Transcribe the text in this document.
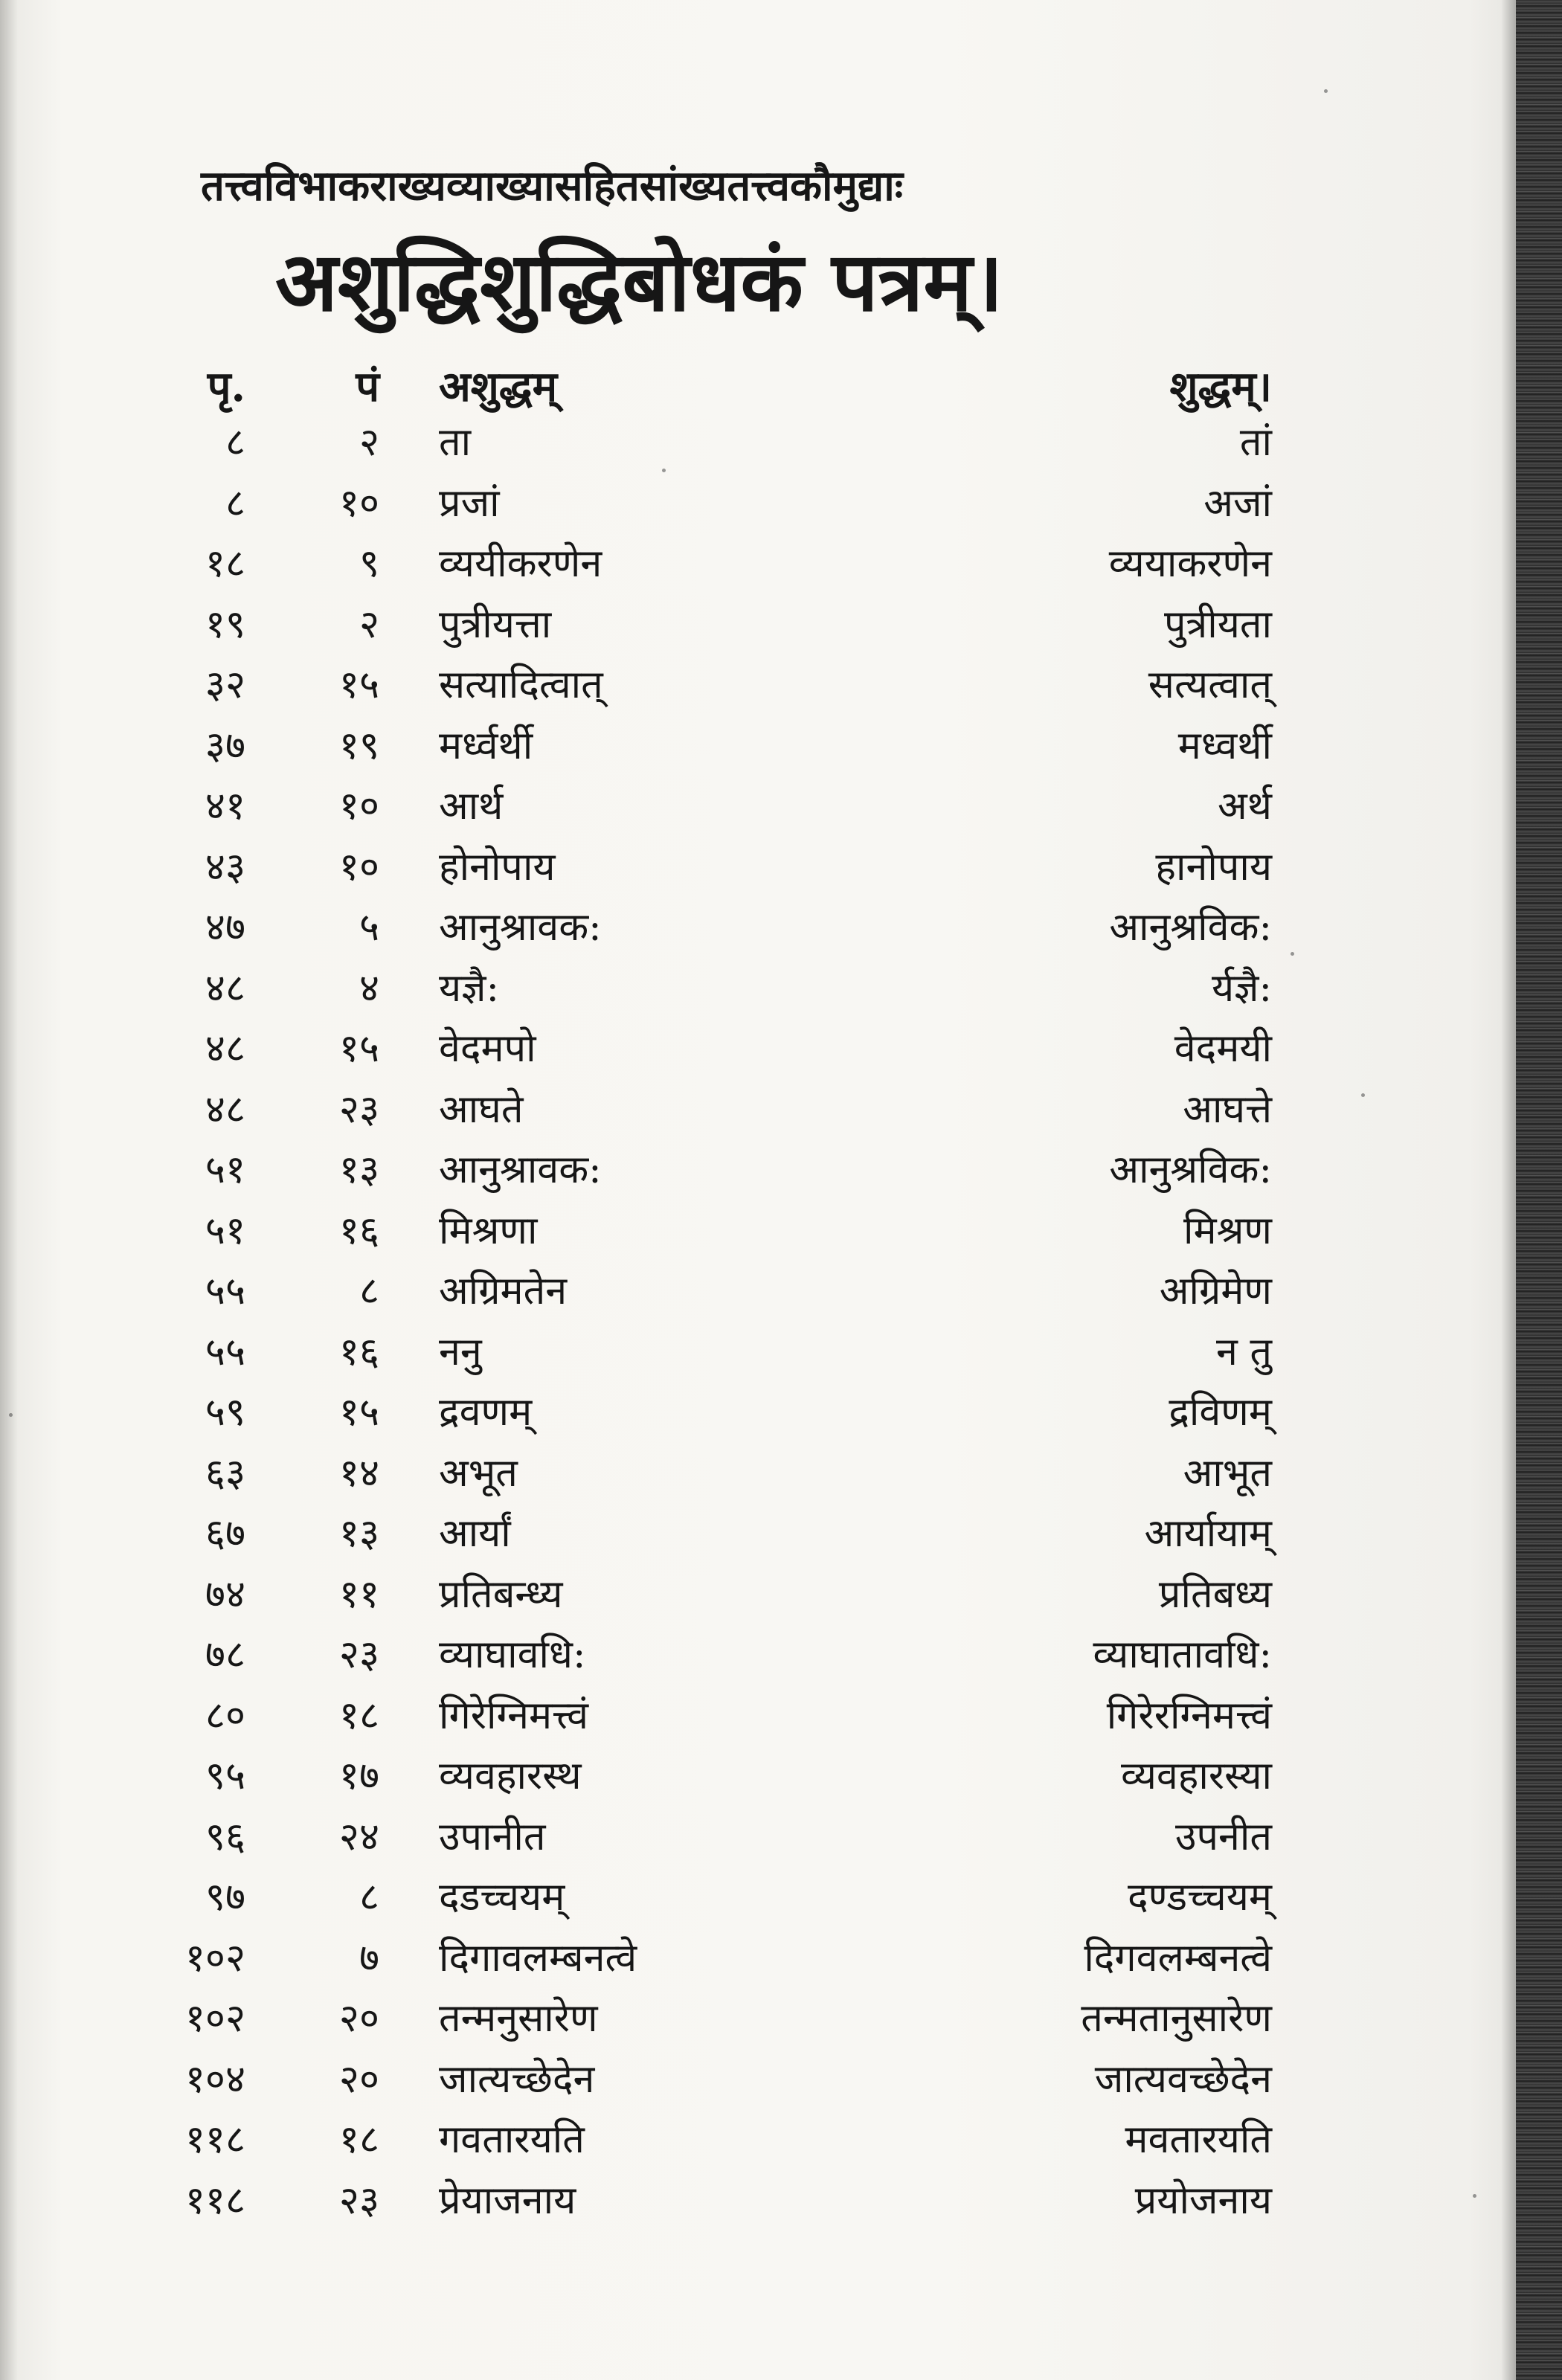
तत्त्वविभाकराख्यव्याख्यासहितसांख्यतत्त्वकौमुद्याः
अशुद्धिशुद्धिबोधकं पत्रम्।
पृ.	पं अशुद्धम्	शुद्धम्।
८	२ ता	तां
८	१० प्रजां	अजां
१८	९ व्ययीकरणेन	व्ययाकरणेन
१९	२ पुत्रीयत्ता	पुत्रीयता
३२	१५ सत्यादित्वात्	सत्यत्वात्
३७	१९ मर्ध्वर्थी	मध्वर्थी
४१	१० आर्थ	अर्थ
४३	१० होनोपाय	हानोपाय
४७	५ आनुश्रावक:	आनुश्रविक:
४८	४ यज्ञै:	र्यज्ञै:
४८	१५ वेदमपो	वेदमयी
४८	२३ आघते	आघत्ते
५१	१३ आनुश्रावक:	आनुश्रविक:
५१	१६ मिश्रणा	मिश्रण
५५	८ अग्रिमतेन	अग्रिमेण
५५	१६ ननु	न तु
५९	१५ द्रवणम्	द्रविणम्
६३	१४ अभूत	आभूत
६७	१३ आर्यां	आर्यायाम्
७४	११ प्रतिबन्ध्य	प्रतिबध्य
७८	२३ व्याघावधि:	व्याघातावधि:
८०	१८ गिरेग्निमत्त्वं	गिरेरग्निमत्त्वं
९५	१७ व्यवहारस्थ	व्यवहारस्या
९६	२४ उपानीत	उपनीत
९७	८ दडच्चयम्	दण्डच्चयम्
१०२	७ दिगावलम्बनत्वे	दिगवलम्बनत्वे
१०२	२० तन्मनुसारेण	तन्मतानुसारेण
१०४	२० जात्यच्छेदेन	जात्यवच्छेदेन
११८	१८ गवतारयति	मवतारयति
११८	२३ प्रेयाजनाय	प्रयोजनाय
